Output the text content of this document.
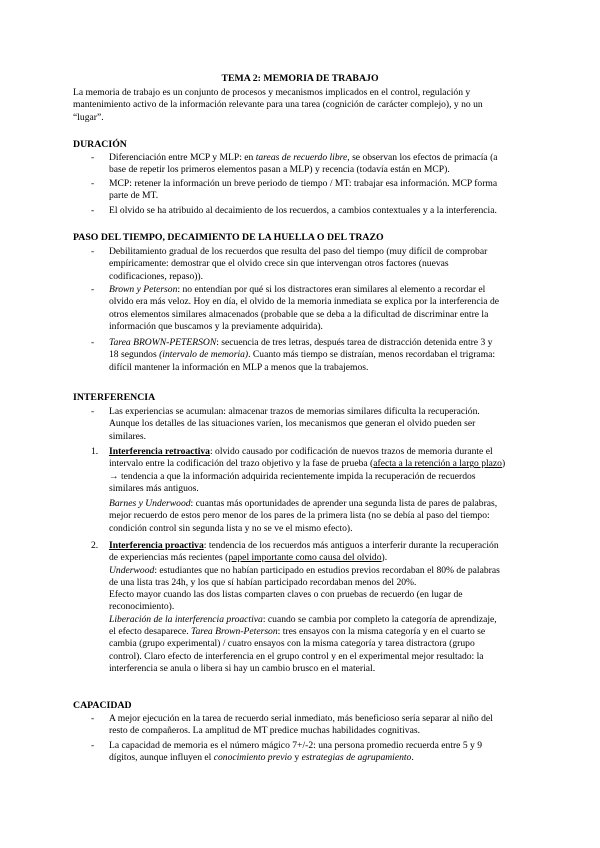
TEMA 2: MEMORIA DE TRABAJO
La memoria de trabajo es un conjunto de procesos y mecanismos implicados en el control, regulación y
mantenimiento activo de la información relevante para una tarea (cognición de carácter complejo), y no un
“lugar”.
DURACIÓN
- Diferenciación entre MCP y MLP: en tareas de recuerdo libre, se observan los efectos de primacía (a
base de repetir los primeros elementos pasan a MLP) y recencia (todavía están en MCP).
- MCP: retener la información un breve periodo de tiempo / MT: trabajar esa información. MCP forma
parte de MT.
- El olvido se ha atribuido al decaimiento de los recuerdos, a cambios contextuales y a la interferencia.
PASO DEL TIEMPO, DECAIMIENTO DE LA HUELLA O DEL TRAZO
- Debilitamiento gradual de los recuerdos que resulta del paso del tiempo (muy difícil de comprobar
empíricamente: demostrar que el olvido crece sin que intervengan otros factores (nuevas
codificaciones, repaso)).
- Brown y Peterson: no entendían por qué si los distractores eran similares al elemento a recordar el
olvido era más veloz. Hoy en día, el olvido de la memoria inmediata se explica por la interferencia de
otros elementos similares almacenados (probable que se deba a la dificultad de discriminar entre la
información que buscamos y la previamente adquirida).
- Tarea BROWN-PETERSON: secuencia de tres letras, después tarea de distracción detenida entre 3 y
18 segundos (intervalo de memoria). Cuanto más tiempo se distraían, menos recordaban el trigrama:
difícil mantener la información en MLP a menos que la trabajemos.
INTERFERENCIA
- Las experiencias se acumulan: almacenar trazos de memorias similares dificulta la recuperación.
Aunque los detalles de las situaciones varíen, los mecanismos que generan el olvido pueden ser
similares.
1. Interferencia retroactiva: olvido causado por codificación de nuevos trazos de memoria durante el
intervalo entre la codificación del trazo objetivo y la fase de prueba (afecta a la retención a largo plazo)
→ tendencia a que la información adquirida recientemente impida la recuperación de recuerdos
similares más antiguos.
Barnes y Underwood: cuantas más oportunidades de aprender una segunda lista de pares de palabras,
mejor recuerdo de estos pero menor de los pares de la primera lista (no se debía al paso del tiempo:
condición control sin segunda lista y no se ve el mismo efecto).
2. Interferencia proactiva: tendencia de los recuerdos más antiguos a interferir durante la recuperación
de experiencias más recientes (papel importante como causa del olvido).
Underwood: estudiantes que no habían participado en estudios previos recordaban el 80% de palabras
de una lista tras 24h, y los que sí habían participado recordaban menos del 20%.
Efecto mayor cuando las dos listas comparten claves o con pruebas de recuerdo (en lugar de
reconocimiento).
Liberación de la interferencia proactiva: cuando se cambia por completo la categoría de aprendizaje,
el efecto desaparece. Tarea Brown-Peterson: tres ensayos con la misma categoría y en el cuarto se
cambia (grupo experimental) / cuatro ensayos con la misma categoría y tarea distractora (grupo
control). Claro efecto de interferencia en el grupo control y en el experimental mejor resultado: la
interferencia se anula o libera si hay un cambio brusco en el material.
CAPACIDAD
- A mejor ejecución en la tarea de recuerdo serial inmediato, más beneficioso sería separar al niño del
resto de compañeros. La amplitud de MT predice muchas habilidades cognitivas.
- La capacidad de memoria es el número mágico 7+/-2: una persona promedio recuerda entre 5 y 9
dígitos, aunque influyen el conocimiento previo y estrategias de agrupamiento.
